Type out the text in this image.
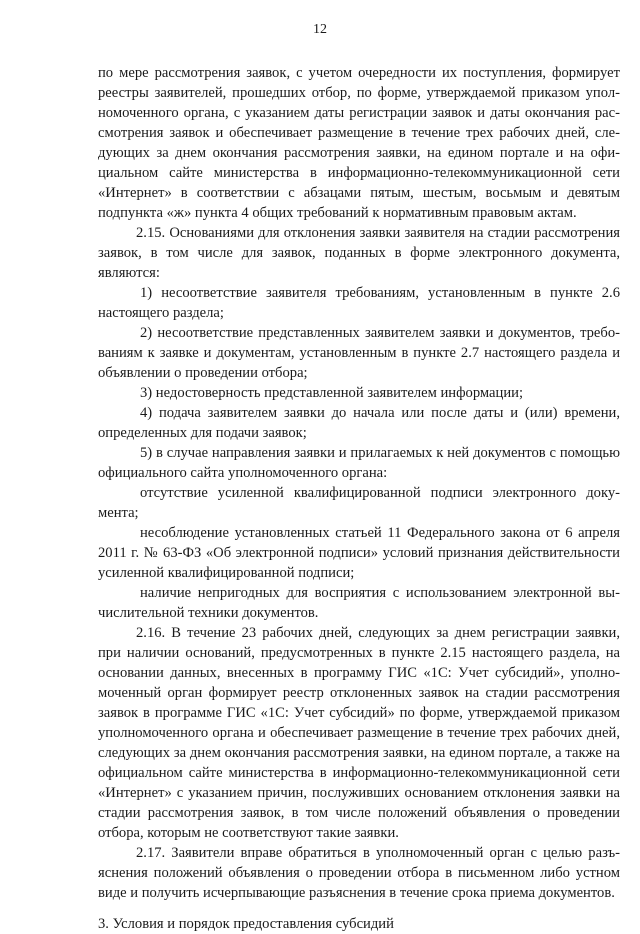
12

по мере рассмотрения заявок, с учетом очередности их поступления, формирует реестры заявителей, прошедших отбор, по форме, утверждаемой приказом уполномоченного органа, с указанием даты регистрации заявок и даты окончания рассмотрения заявок и обеспечивает размещение в течение трех рабочих дней, следующих за днем окончания рассмотрения заявки, на едином портале и на официальном сайте министерства в информационно-телекоммуникационной сети «Интернет» в соответствии с абзацами пятым, шестым, восьмым и девятым подпункта «ж» пункта 4 общих требований к нормативным правовым актам.

2.15. Основаниями для отклонения заявки заявителя на стадии рассмотрения заявок, в том числе для заявок, поданных в форме электронного документа, являются:

1) несоответствие заявителя требованиям, установленным в пункте 2.6 настоящего раздела;

2) несоответствие представленных заявителем заявки и документов, требованиям к заявке и документам, установленным в пункте 2.7 настоящего раздела и объявлении о проведении отбора;

3) недостоверность представленной заявителем информации;

4) подача заявителем заявки до начала или после даты и (или) времени, определенных для подачи заявок;

5) в случае направления заявки и прилагаемых к ней документов с помощью официального сайта уполномоченного органа:

отсутствие усиленной квалифицированной подписи электронного документа;

несоблюдение установленных статьей 11 Федерального закона от 6 апреля 2011 г. № 63-ФЗ «Об электронной подписи» условий признания действительности усиленной квалифицированной подписи;

наличие непригодных для восприятия с использованием электронной вычислительной техники документов.

2.16. В течение 23 рабочих дней, следующих за днем регистрации заявки, при наличии оснований, предусмотренных в пункте 2.15 настоящего раздела, на основании данных, внесенных в программу ГИС «1С: Учет субсидий», уполномоченный орган формирует реестр отклоненных заявок на стадии рассмотрения заявок в программе ГИС «1С: Учет субсидий» по форме, утверждаемой приказом уполномоченного органа и обеспечивает размещение в течение трех рабочих дней, следующих за днем окончания рассмотрения заявки, на едином портале, а также на официальном сайте министерства в информационно-телекоммуникационной сети «Интернет» с указанием причин, послуживших основанием отклонения заявки на стадии рассмотрения заявок, в том числе положений объявления о проведении отбора, которым не соответствуют такие заявки.

2.17. Заявители вправе обратиться в уполномоченный орган с целью разъяснения положений объявления о проведении отбора в письменном либо устном виде и получить исчерпывающие разъяснения в течение срока приема документов.

3. Условия и порядок предоставления субсидий
